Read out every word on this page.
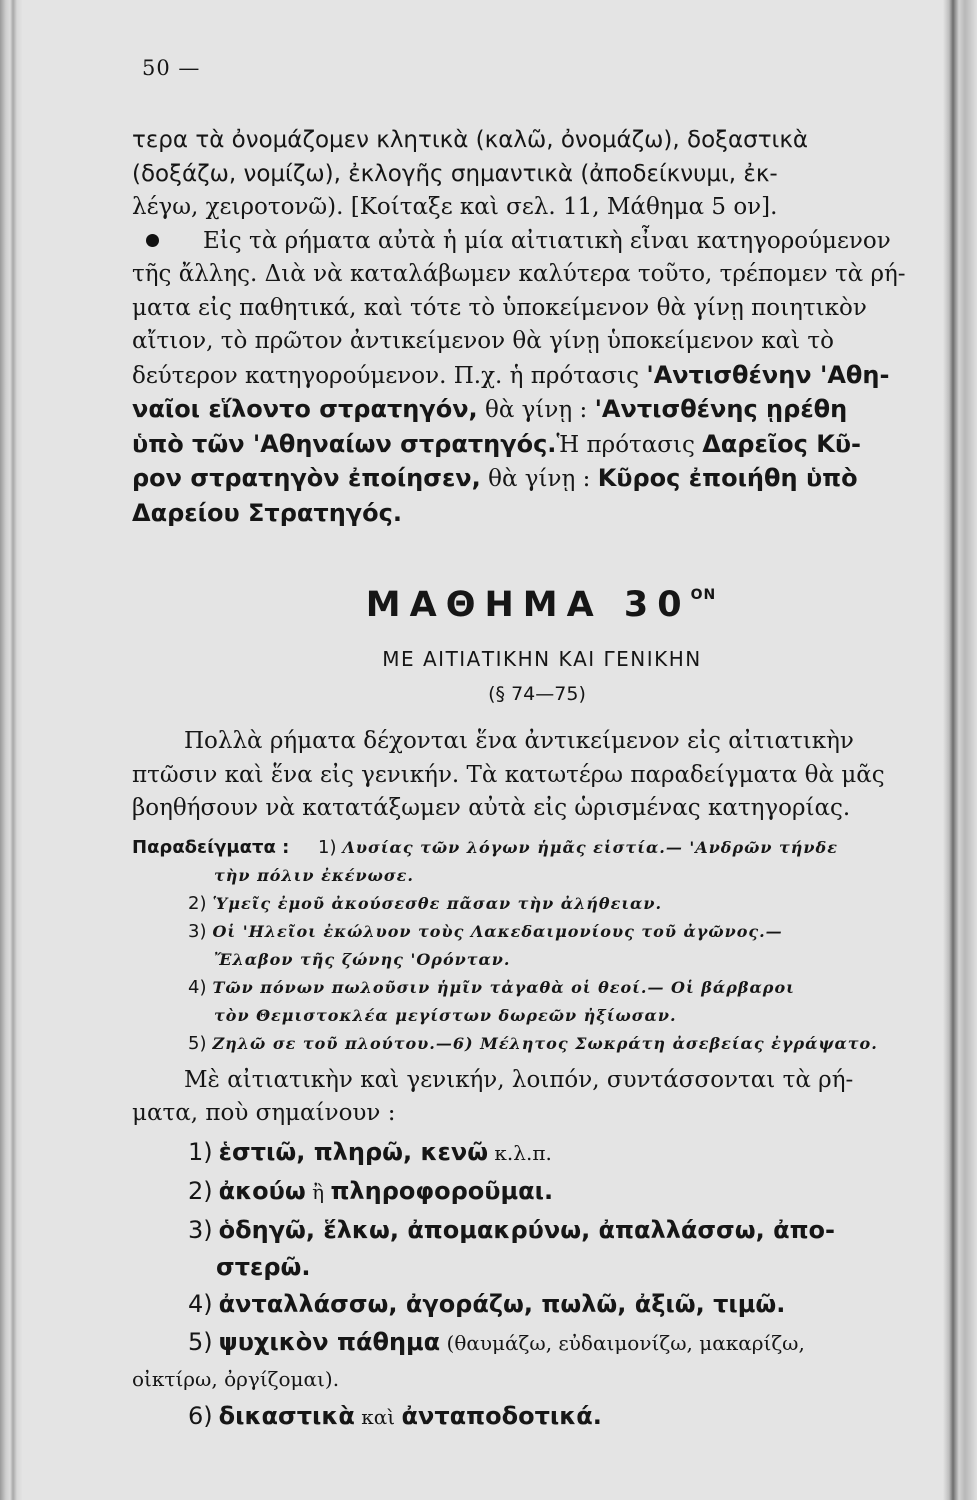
50 —

τερα τὰ ὀνομάζομεν κλητικὰ (καλῶ, ὀνομάζω), δοξαστικὰ

(δοξάζω, νομίζω), ἐκλογῆς σημαντικὰ (ἀποδείκνυμι, ἐκ-

λέγω, χειροτονῶ). [Κοίταξε καὶ σελ. 11, Μάθημα 5 ον].

Εἰς τὰ ρήματα αὐτὰ ἡ μία αἰτιατικὴ εἶναι κατηγορούμενον

τῆς ἄλλης. Διὰ νὰ καταλάβωμεν καλύτερα τοῦτο, τρέπομεν τὰ ρή-

ματα εἰς παθητικά, καὶ τότε τὸ ὑποκείμενον θὰ γίνῃ ποιητικὸν

αἴτιον, τὸ πρῶτον ἀντικείμενον θὰ γίνῃ ὑποκείμενον καὶ τὸ

δεύτερον κατηγορούμενον. Π.χ. ἡ πρότασις 'Αντισθένην 'Αθη-

ναῖοι εἵλοντο στρατηγόν, θὰ γίνῃ : 'Αντισθένης ῃρέθη

ὑπὸ τῶν 'Αθηναίων στρατηγός.Ἡ πρότασις Δαρεῖος Κῦ-

ρον στρατηγὸν ἐποίησεν, θὰ γίνῃ : Κῦρος ἐποιήθη ὑπὸ

Δαρείου Στρατηγός.

ΜΑΘΗΜΑ $30^{ON}$
ΜΕ ΑΙΤΙΑΤΙΚΗΝ ΚΑΙ ΓΕΝΙΚΗΝ
(§ 74—75)

Πολλὰ ρήματα δέχονται ἕνα ἀντικείμενον εἰς αἰτιατικὴν

πτῶσιν καὶ ἕνα εἰς γενικήν. Τὰ κατωτέρω παραδείγματα θὰ μᾶς

βοηθήσουν νὰ κατατάξωμεν αὐτὰ εἰς ὡρισμένας κατηγορίας.

Παραδείγματα :	1) Λυσίας τῶν λόγων ἡμᾶς εἱστία.— 'Ανδρῶν τήνδε
τὴν πόλιν ἐκένωσε.
2) Ὑμεῖς ἐμοῦ ἀκούσεσθε πᾶσαν τὴν ἀλήθειαν.
3) Οἱ 'Ηλεῖοι ἐκώλυον τοὺς Λακεδαιμονίους τοῦ ἀγῶνος.—
Ἔλαβον τῆς ζώνης 'Ορόνταν.
4) Τῶν πόνων πωλοῦσιν ἡμῖν τἀγαθὰ οἱ θεοί.— Οἱ βάρβαροι
τὸν Θεμιστοκλέα μεγίστων δωρεῶν ἠξίωσαν.
5) Ζηλῶ σε τοῦ πλούτου.—6) Μέλητος Σωκράτη ἀσεβείας ἐγράψατο.

Μὲ αἰτιατικὴν καὶ γενικήν, λοιπόν, συντάσσονται τὰ ρή-

ματα, ποὺ σημαίνουν :

1) ἑστιῶ, πληρῶ, κενῶ κ.λ.π.
2) ἀκούω ἢ πληροφοροῦμαι.
3) ὁδηγῶ, ἕλκω, ἀπομακρύνω, ἀπαλλάσσω, ἀπο-
στερῶ.
4) ἀνταλλάσσω, ἀγοράζω, πωλῶ, ἀξιῶ, τιμῶ.
5) ψυχικὸν πάθημα (θαυμάζω, εὐδαιμονίζω, μακαρίζω,
οἰκτίρω, ὀργίζομαι).
6) δικαστικὰ καὶ ἀνταποδοτικά.
